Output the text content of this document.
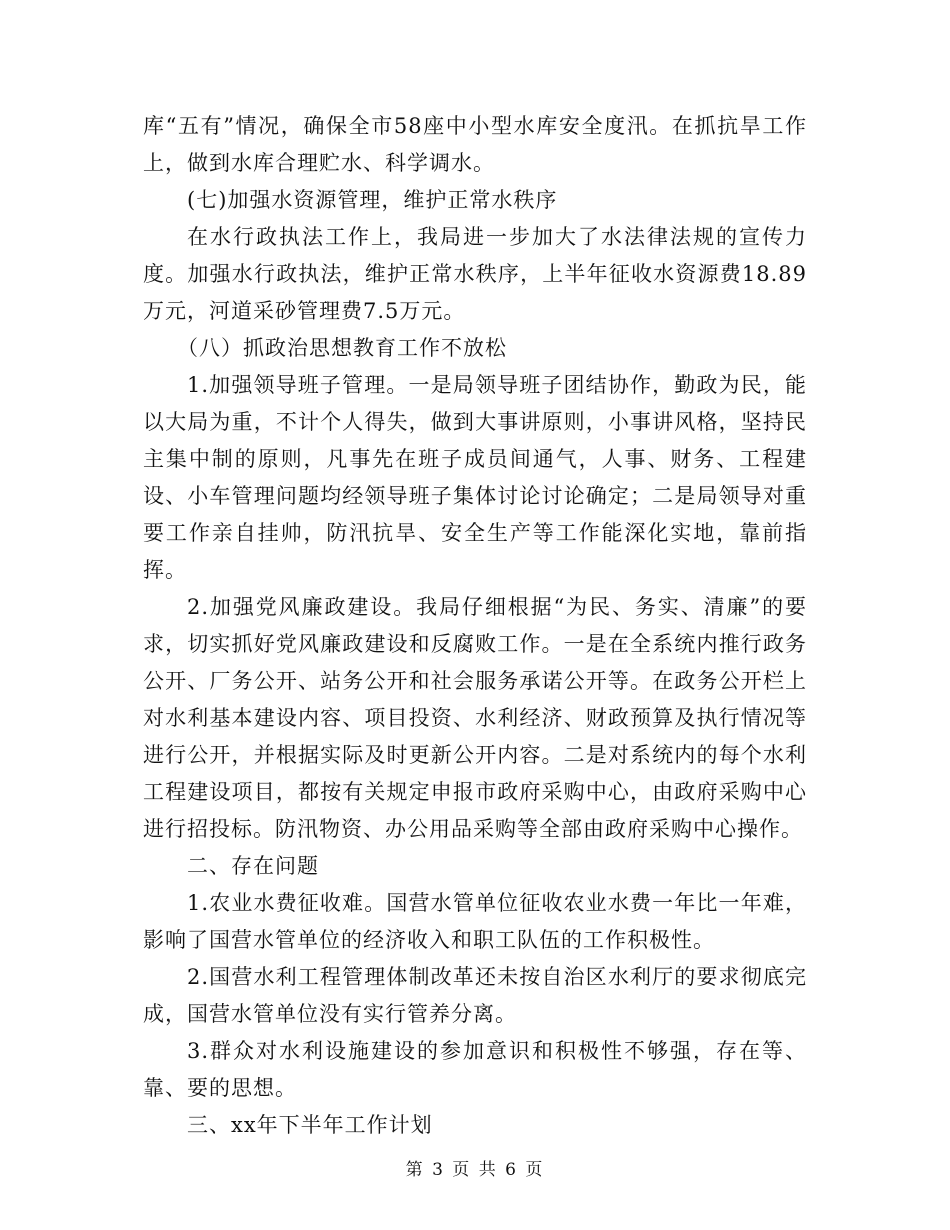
库“五有”情况，确保全市58座中小型水库安全度汛。在抓抗旱工作上，做到水库合理贮水、科学调水。

(七)加强水资源管理，维护正常水秩序

在水行政执法工作上，我局进一步加大了水法律法规的宣传力度。加强水行政执法，维护正常水秩序，上半年征收水资源费18.89万元，河道采砂管理费7.5万元。

（八）抓政治思想教育工作不放松

1.加强领导班子管理。一是局领导班子团结协作，勤政为民，能以大局为重，不计个人得失，做到大事讲原则，小事讲风格，坚持民主集中制的原则，凡事先在班子成员间通气，人事、财务、工程建设、小车管理问题均经领导班子集体讨论讨论确定；二是局领导对重要工作亲自挂帅，防汛抗旱、安全生产等工作能深化实地，靠前指挥。

2.加强党风廉政建设。我局仔细根据“为民、务实、清廉”的要求，切实抓好党风廉政建设和反腐败工作。一是在全系统内推行政务公开、厂务公开、站务公开和社会服务承诺公开等。在政务公开栏上对水利基本建设内容、项目投资、水利经济、财政预算及执行情况等进行公开，并根据实际及时更新公开内容。二是对系统内的每个水利工程建设项目，都按有关规定申报市政府采购中心，由政府采购中心进行招投标。防汛物资、办公用品采购等全部由政府采购中心操作。

二、存在问题

1.农业水费征收难。国营水管单位征收农业水费一年比一年难，影响了国营水管单位的经济收入和职工队伍的工作积极性。

2.国营水利工程管理体制改革还未按自治区水利厅的要求彻底完成，国营水管单位没有实行管养分离。

3.群众对水利设施建设的参加意识和积极性不够强，存在等、靠、要的思想。

三、xx年下半年工作计划

第 3 页 共 6 页
